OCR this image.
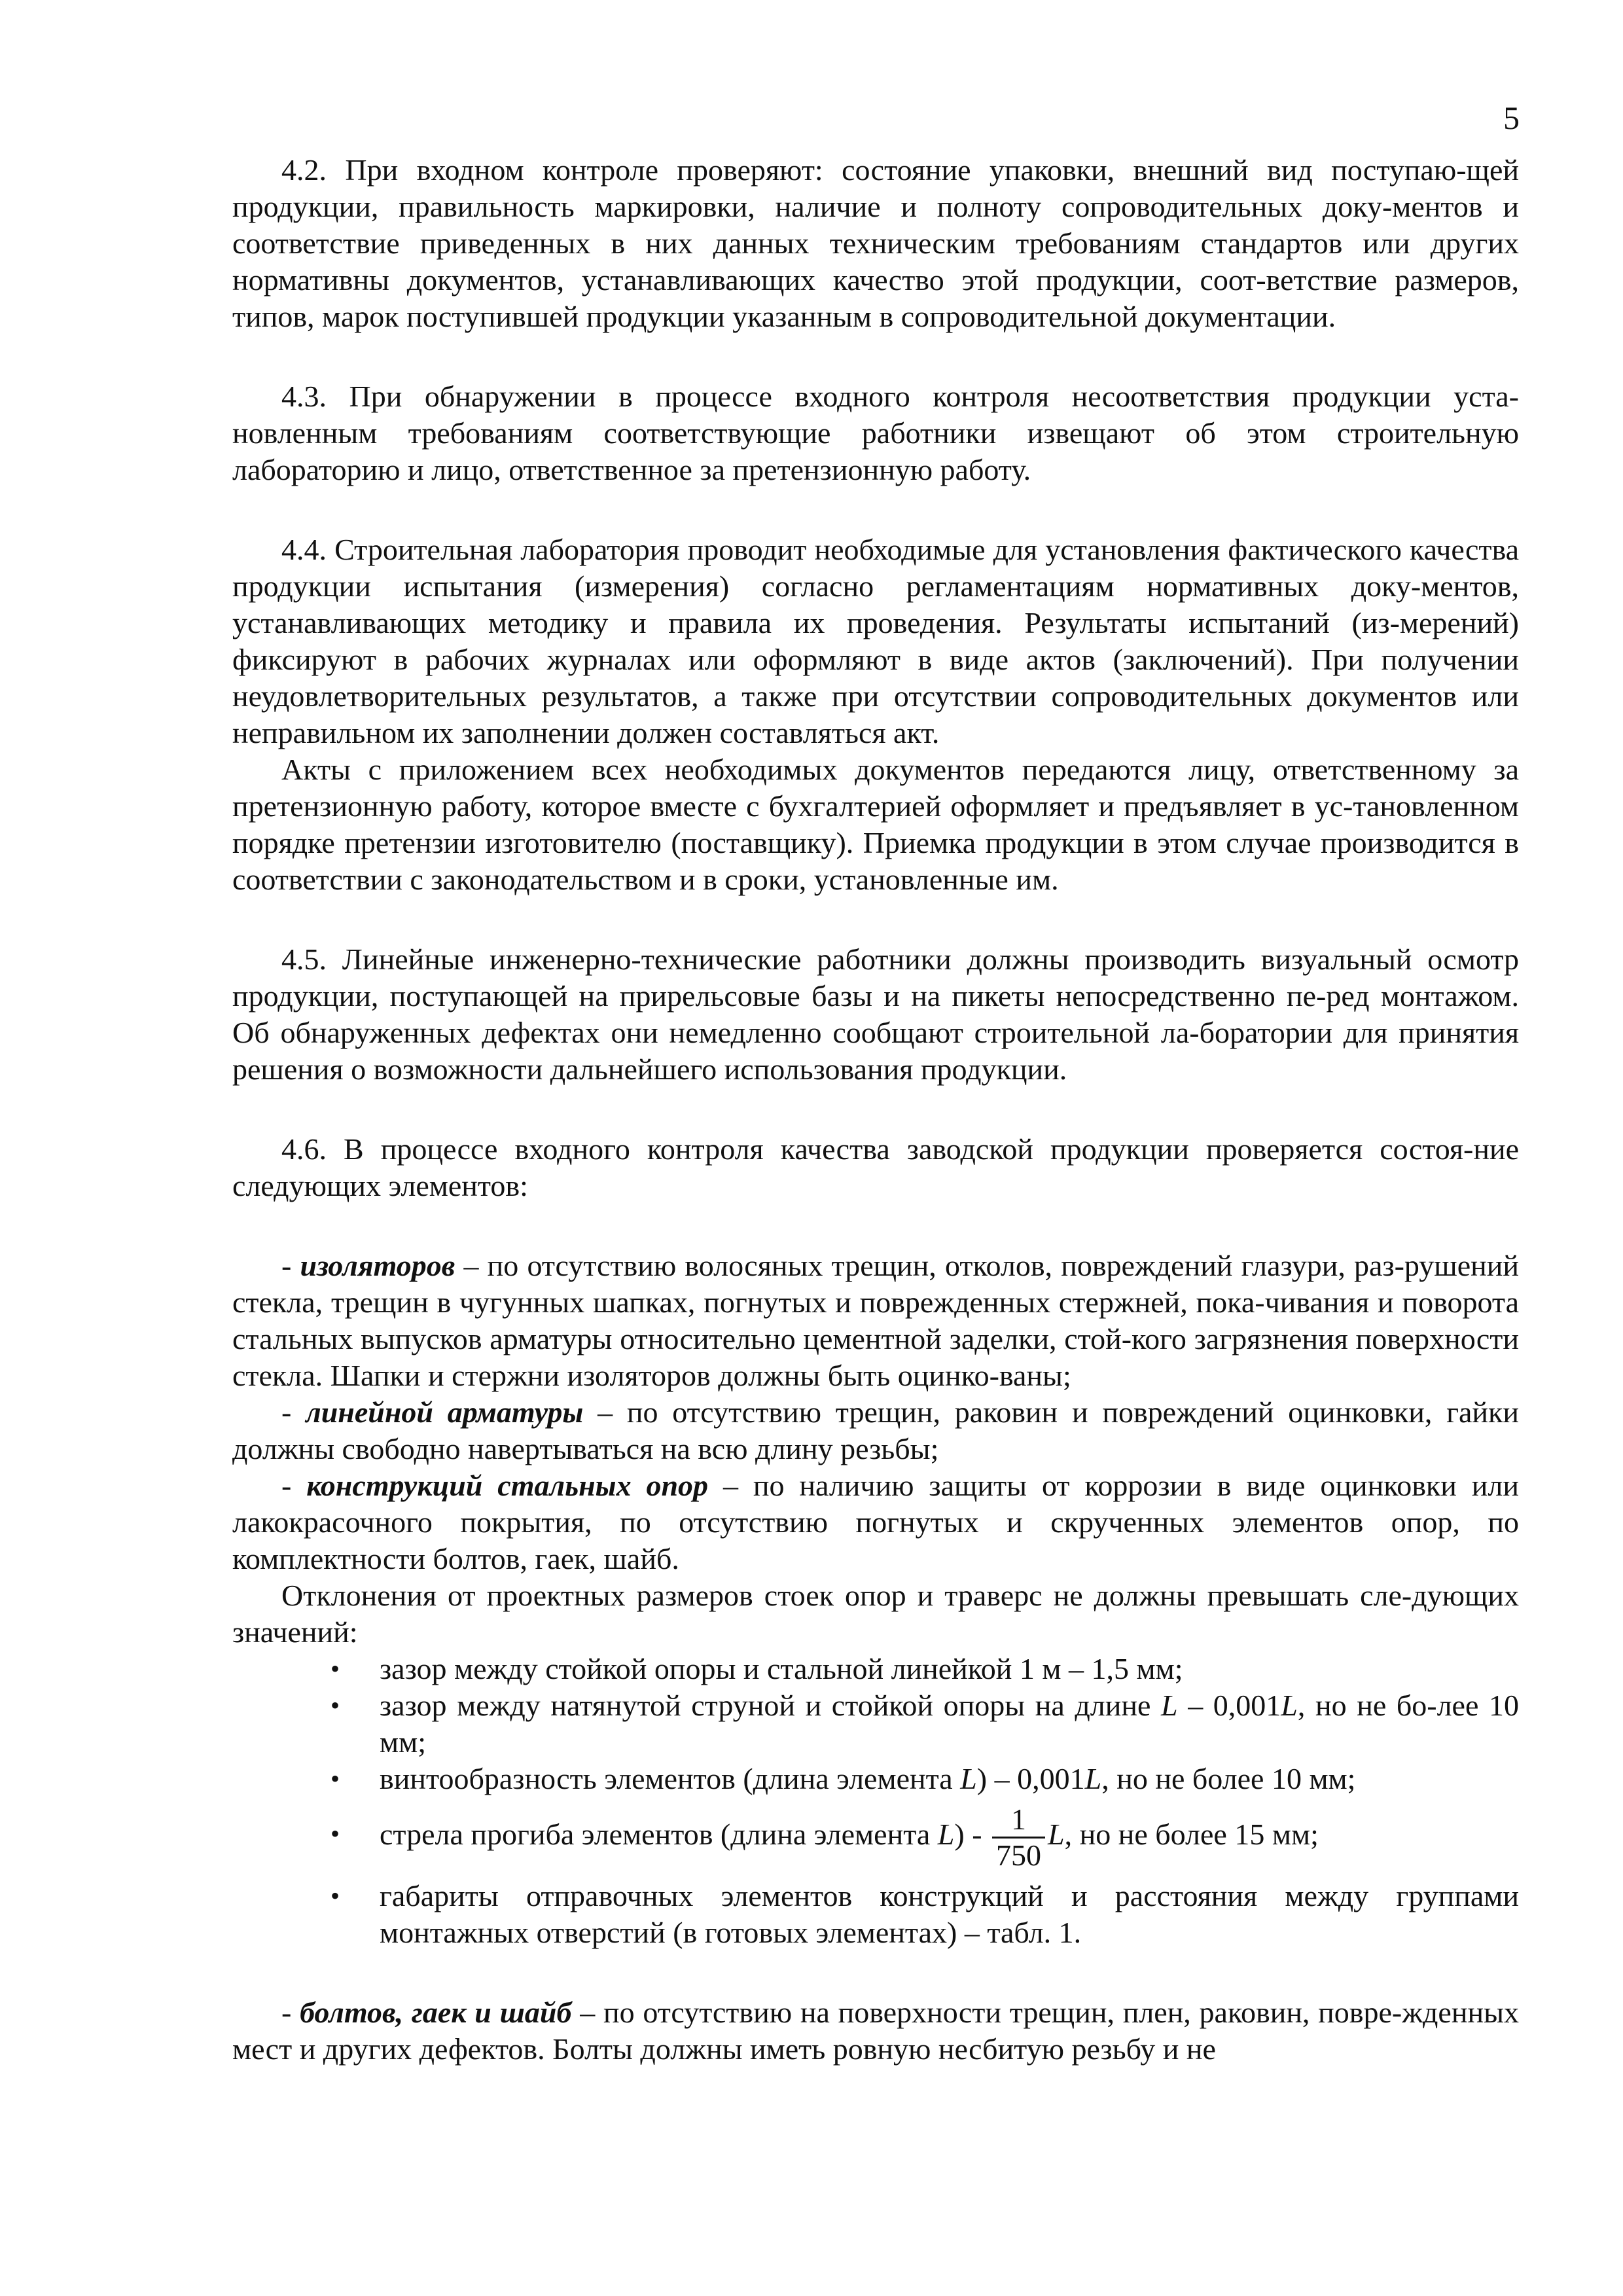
5

4.2. При входном контроле проверяют: состояние упаковки, внешний вид поступаю-щей продукции, правильность маркировки, наличие и полноту сопроводительных доку-ментов и соответствие приведенных в них данных техническим требованиям стандартов или других нормативны документов, устанавливающих качество этой продукции, соот-ветствие размеров, типов, марок поступившей продукции указанным в сопроводительной документации.

4.3. При обнаружении в процессе входного контроля несоответствия продукции уста-новленным требованиям соответствующие работники извещают об этом строительную лабораторию и лицо, ответственное за претензионную работу.

4.4. Строительная лаборатория проводит необходимые для установления фактического качества продукции испытания (измерения) согласно регламентациям нормативных доку-ментов, устанавливающих методику и правила их проведения. Результаты испытаний (из-мерений) фиксируют в рабочих журналах или оформляют в виде актов (заключений). При получении неудовлетворительных результатов, а также при отсутствии сопроводительных документов или неправильном их заполнении должен составляться акт.

Акты с приложением всех необходимых документов передаются лицу, ответственному за претензионную работу, которое вместе с бухгалтерией оформляет и предъявляет в ус-тановленном порядке претензии изготовителю (поставщику). Приемка продукции в этом случае производится в соответствии с законодательством и в сроки, установленные им.

4.5. Линейные инженерно-технические работники должны производить визуальный осмотр продукции, поступающей на прирельсовые базы и на пикеты непосредственно пе-ред монтажом. Об обнаруженных дефектах они немедленно сообщают строительной ла-боратории для принятия решения о возможности дальнейшего использования продукции.

4.6. В процессе входного контроля качества заводской продукции проверяется состоя-ние следующих элементов:

- изоляторов – по отсутствию волосяных трещин, отколов, повреждений глазури, раз-рушений стекла, трещин в чугунных шапках, погнутых и поврежденных стержней, пока-чивания и поворота стальных выпусков арматуры относительно цементной заделки, стой-кого загрязнения поверхности стекла. Шапки и стержни изоляторов должны быть оцинко-ваны;

- линейной арматуры – по отсутствию трещин, раковин и повреждений оцинковки, гайки должны свободно навертываться на всю длину резьбы;

- конструкций стальных опор – по наличию защиты от коррозии в виде оцинковки или лакокрасочного покрытия, по отсутствию погнутых и скрученных элементов опор, по комплектности болтов, гаек, шайб.

Отклонения от проектных размеров стоек опор и траверс не должны превышать сле-дующих значений:

• зазор между стойкой опоры и стальной линейкой 1 м – 1,5 мм;
• зазор между натянутой струной и стойкой опоры на длине L – 0,001L, но не бо-лее 10 мм;
• винтообразность элементов (длина элемента L) – 0,001L, но не более 10 мм;
• стрела прогиба элементов (длина элемента $L) - \frac{1}{750} L$, но не более 15 мм;
• габариты отправочных элементов конструкций и расстояния между группами монтажных отверстий (в готовых элементах) – табл. 1.

- болтов, гаек и шайб – по отсутствию на поверхности трещин, плен, раковин, повре-жденных мест и других дефектов. Болты должны иметь ровную несбитую резьбу и не
